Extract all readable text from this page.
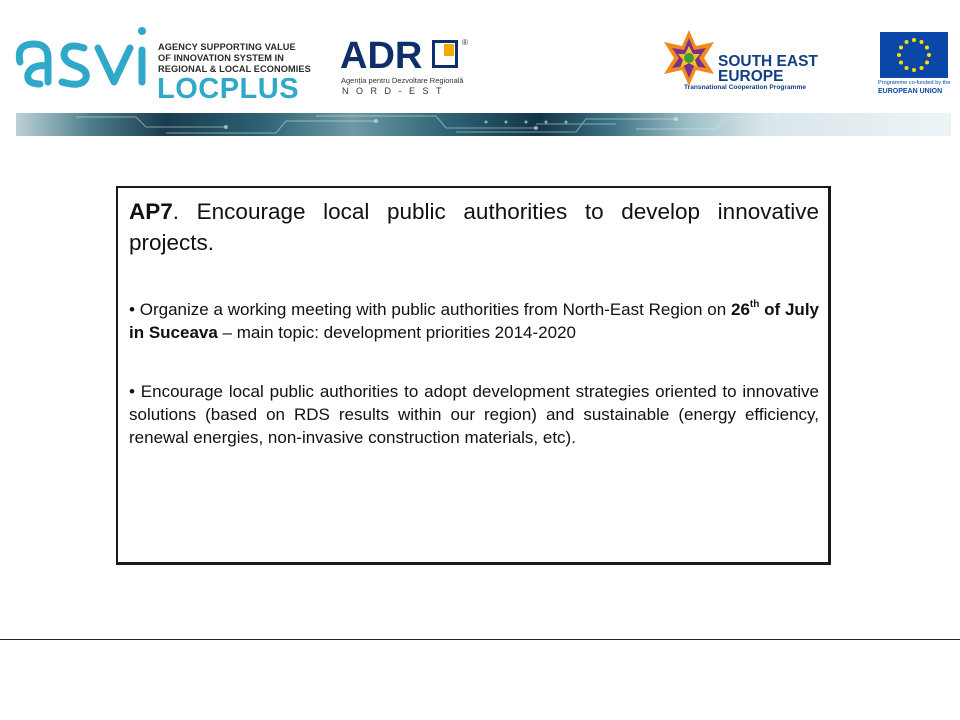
AGENCY SUPPORTING VALUE
OF INNOVATION SYSTEM IN
REGIONAL & LOCAL ECONOMIES
LOCPLUS
ADR	®
Agenția pentru Dezvoltare Regională
NORD-EST
SOUTH EAST
EUROPE
Transnational Cooperation Programme
Programme co-funded by the
EUROPEAN UNION
AP7. Encourage local public authorities to develop innovative projects.
• Organize a working meeting with public authorities from North-East Region on 26th of July in Suceava – main topic: development priorities 2014-2020
• Encourage local public authorities to adopt development strategies oriented to innovative solutions (based on RDS results within our region) and sustainable (energy efficiency, renewal energies, non-invasive construction materials, etc).
